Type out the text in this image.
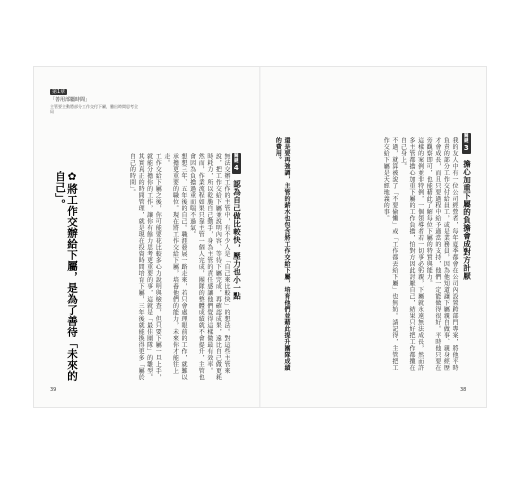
第1章
「善用部屬時間」
主管要主動將部分工作交付下屬，騰出時間思考全局
✿將工作交辦給下屬，是為了善待「未來的自己」。	無法交辦工作的主管中，有不少人是「自己來比較快」的想法。對這些主管來說，把工作交給下屬並說明內容、等待下屬完成，再確認成果，遠比自己做更耗時耗力，所以乾脆自己動手，身為主管的責任感讓他們覺得這樣做最有效率。

然而，作業流程如果只靠主管一個人完成，團隊的整體成績就不會提升，主管也會因為負擔過重而喘不過氣。

想想三年、五年後的自己。職涯發展一路走來，若只會處理眼前的工作，就難以承擔更重要的職位。現在將工作交給下屬，培養他們的能力，未來你才能往上走。

工作交給下屬之後，你可能要花比較多心力說明與檢查，但只要下屬一旦上手，就能分擔你的工作，讓你有餘力思考更重要的事，這就是「最佳團隊」的雛型。

其實真正的時間管理，就是現在投資時間培育下屬，三年後就能換得更多「屬於自己的時間」。	關鍵
4
認為自己做比較快，壓力也小一點
39
還是要再強調，主管的薪水也包含將工作交給下屬，培育他們並藉此提升團隊成績的費用。	我的友人中有一位公司經營者，每年夏季都會在公司內設置跨部門專案，將他平時負責的部分工作交付給員工，或是業務員，因為他知道讓下屬親自做事、親身經歷才會成長，而且只要過程中給予適當的支持，他們一定能做得很好。平時他只要在旁觀察即可，也能藉此了解每位下屬的特質與能力。

這樣的案例並非特例，一個領導者若一切事必躬親，下屬就永遠無法成長，然而許多主管都擔心加重下屬的工作負擔，怕對方因此討厭自己，結果只好把工作都攬在自己身上。

不過，就算被說了「不要偷懶」或「工作都丟給下屬」也無妨。請記得，主管把工作交給下屬是天經地義的事。

關鍵
3
擔心加重下屬的負擔會成對方計厭
38
